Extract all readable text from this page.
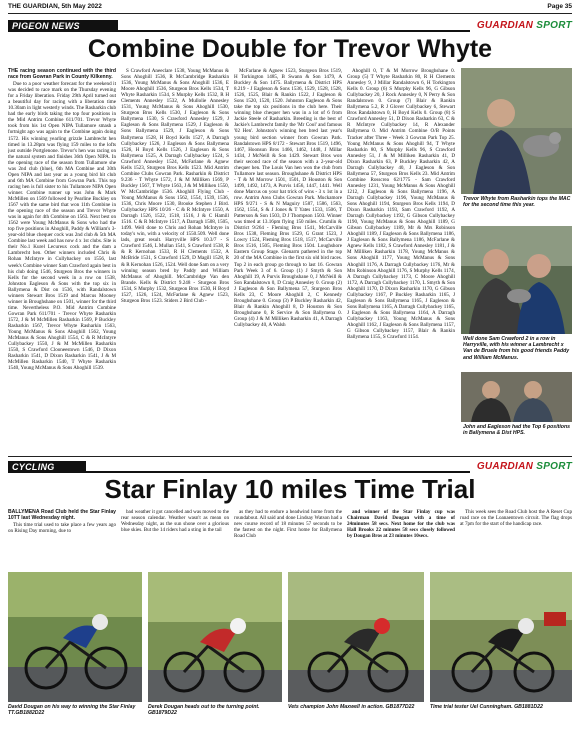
THE GUARDIAN, 5th May 2022	Page 35
PIGEON NEWS	GUARDIAN SPORT
Combine Double for Trevor Whyte

THE racing season continued with the third race from Gowran Park in County Kilkenny.

Due to a poor weather forecast for the weekend it was decided to race mark on the Thursday evening for a Friday liberation. Friday 29th April turned out a beautiful day for racing with a liberation time 10.30am in light westerly winds. The Rasharkin club had the early birds taking the top four positions in the Mid Antrim Combine 611/701. Trevor Whyte took from his 1st Open NIPA Tullamore smash a fortnight ago was again to the Combine again doing 1572. His winning yearling grizzle Lambrecht hen timed in 13.28pm was flying 159 miles to the lofts just outside Portglenone. Trevor's hen was racing on the natural system and finishes 36th Open NIPA. In the opening race of the season from Tullamore she was 2nd club (blue), 6th MA Combine and 30th Open NIPA and last year as a young bird hit club and 6th MA Combine from Gowran Park. This top racing hen is full sister to his Tullamore NIPA Open winner. Combine runner up was John & Mark McMillen on 1569 followed by Pearline Buckley on 1567 with the same bird that won 11th Combine in the opening race of the season and Trevor Whyte was in again for 4th Combine on 1563. Next best on 1562 were Young McManus & Sons who had the top five positions in Ahoghill, Paddy & William's 3-year-old blue chequer cock was 2nd club & 5th MA Combine last week and has now 4 x 1st clubs. Site is their No.1 Kurel Lecureux cock and the dam a Lambrecht hen. Other winners included Chris & Rohan McIntyre in Cullybackey on 1556, last week's Combine winner Sam Crawford again best in his club doing 1546, Sturgeon Bros the winners in Kells for the second week in a row on 1538, Johnston Eagleson & Sons with the top six in Ballymena & Dist on 1536, with Randalstown winners Stewart Bros 1519 and Marcus Mooney winner in Broughshane on 1501, winner for the third time. Nevertheless P.O. Mid Antrim Combine Gowran Park 611/701 - Trevor Whyte Rasharkin 1572, J & M McMillen Rasharkin 1569, P Buckley Rasharkin 1567, Trevor Whyte Rasharkin 1563, Young McManus & Sons Ahoghill 1562, Young McManus & Sons Ahoghill 1554, C & R McIntyre Cullybackey 1550, J & M McMillen Rasharkin 1550, S Crawford Clooneestown 1546, D Dixon Rasharkin 1541, D Dixon Rasharkin 1541, J & M McMillen Rasharkin 1540, T Whyte Rasharkin 1540, Young McManus & Sons Ahoghill 1539.

S Crawford Aneeclare 1538, Young McManus & Sons Ahoghill 1536, R McCambridge Rasharkin 1536, Young McManus & Sons Ahoghill 1536, E Moore Ahoghill 1536, Sturgeon Bros Kells 1534, T Whyte Rasharkin 1534, S Murphy Kells 1532, R H Clements Annesley 1532, A Mullolie Annesley 1531, Young McManus & Sons Ahoghill 1530, Sturgeon Bros Kells 1530, J Eagleson & Sons Ballymena 1530, S Crawford Annesley 1529, J Eagleson & Sons Ballymena 1529, J Eagleson & Sons Ballymena 1529, J Eagleson & Sons Ballymena 1528, H Boyd Kells 1527, A Darragh Cullybackey 1526, J Eagleson & Sons Ballymena 1526, H Boyd Kells 1526, J Eagleson & Sons Ballymena 1525, A Darragh Cullybackey 1524, S Crawford Annesley 1524, McFarlane & Agnew Kells 1523, Sturgeon Bros Kells 1523. Mid Antrim Combine Clubs Gowran Park. Rasharkin & District 9.236 - T Whyte 1572, J & M Milliken 1569, P Buckley 1567, T Whyte 1563, J & M Milliken 1550, W McCambridge 1536. Ahoghill Flying Club - Young McManus & Sons 1562, 1554, 1539, 1536, 1536, Chris Moore 1530, Brooke Stephen J Bird. Cullybackey HPS 10/26 - C & R McIntyre 1550, A Darragh 1526, 1522, 1518, 1516, J & C Hamill 1516. C & R McIntyre 1517, A Darragh 1508, 1505, 1499. Well done to Chris and Rohan McIntyre in today's win, with a velocity of 1550.509. Well done lads, great result. Harryville HPS 10.3/7 - S Crawford 1546, L Mullan 1541, S Crawford 1538, R & R Kernohan 1533, R H Clements 1532, A McBride 1531, S Crawford 1529, D Magill 1528, R & R Kernohan 1526, 1524. Well done Sam on a very winning season bred by Paddy and William McManus of Ahoghill. McCambridge Van den Brande. Kells & District 9.248 - Sturgeon Bros 1534, S Murphy 1532, Sturgeon Bros 1530, H Boyd 1527, 1526, 1524, McFarlane & Agnew 1523, Sturgeon Bros 1523. Stiders 2 Bird Club -

McFarlane & Agnew 1523, Sturgeon Bros 1519, H Torkington 1485, B Swann & Son 1479, A Buckley & Son 1475. Ballymena & District HPS 8.219 - J Eagleson & Sons 1536, 1529, 1528, 1528, 1526, 1525, Blair & Rankin 1522, J Eagleson & Sons 1520, 1520, 1520. Johnston Eagleson & Sons take the top six positions in the club here. Their winning blue chequer hen was in a lot of 6 from Jackie Steele of Rasharkin. Breeding is the best of Jackie's Lambrecht family the 'Mr Cool' and famous '02 Hen'. Johnston's winning hen bred last year's young bird section winner from Gowran Park. Randalstown HPS 8/172 - Stewart Bros 1519, 1496, 1467, Hoonsun Bros 1466, 1462, 1448, J Millar 1434, J McNeill & Son 1429. Stewart Bros won their second race of the season with a 2-year-old chequer hen. The Louis Van hen won the club from Tullamore last season. Broughshane & District HPS - T & M Morrow 1501, 1501, D Houston & Son 1499, 1492, 1473, A Purvis 1456, 1447, 1441. Well done Marcus on your hat trick of wins - 3 x 1st in a row. Antrim Area Clubs Gowran Park. Muckamore HPS 9/271 - S & N Maguiry 1587, 1586, 1563, 1562, 1554, S & J Jones & T Yates 1533, 1506, T Patterson & Son 1503, D J Thompson 1503. Winner was timed at 13.16pm flying 150 miles. Crumlin & District 9/264 - Fleming Bros 1541, McCarville Bros 1538, Fleming Bros 1529, G Grant 1523, J Lowry 1524, Fleming Bros 1518, 1517, McCarville Bros 1516, 1505, Fleming Bros 1504. Loughshore Eastern Group Stage. Glenarm pathered in the top 20 of the MA Combine in the first six old bird races. Top 2 in each group go through to last 16. Gowran Park Week 3 of 6. Group (1) J Smyth & Son Ahoghill 19, A Purvis Broughshane 0, J McNeill & Son Randalstown 0, D Craig Annesley 0. Group (2) J Eagleson & Son Ballymena 57, Sturgeon Bros Kells 23, C Moore Ahoghill 2, C Kennedy Broughshane 0. Group (3) P Buckley Rasharkin 42, Blair & Rankin Ahoghill 8, D Houston & Son Broughshane 0, R Service & Son Ballymena 0. Group (4) J & M Milliken Rasharkin 41, A Darragh Cullybackey 40, A Walsh

Ahoghill 0, T & M Morrow Broughshane 0. Group (5) T Whyte Rasharkin 80, R H Clements Annesley 9, J Millar Randalstown 6, H Torkington Kells 0. Group (6) S Murphy Kells 96, G Gibson Cullybackey 20, J Rock Annesley 0, N Perry & Son Randalstown 0. Group (7) Blair & Rankin Ballymena 5.2, R J Glover Cullybackey 6, Stewart Bros Randalstown 0, H Boyd Kells 0. Group (8) S Crawford Annesley 51, D Dixon Rasharkin 63, C & R McIntyre Cullybackey 14, R Alexander Ballymena 0. Mid Antrim Combine O/B Points Tracker after Three - Week 3 Gowran Park Top 25. Young McManus & Sons Ahoghill 94, T Whyte Rasharkin 80, S Murphy Kells 96, S Crawford Annesley 51, J & M Milliken Rasharkin 41, D Dixon Rasharkin 63, P Buckley Rasharkin 42, A Darragh Cullybackey 40, J Eagleson & Son Ballymena 57, Sturgeon Bros Kells 23. Mid Antrim Combine Rosscrea 62/1775 - Sam Crawford Annesley 1231, Young McManus & Sons Ahoghill 1212, J Eagleson & Sons Ballymena 1196, A Darragh Cullybackey 1196, Young McManus & Sons Ahoghill 1194, Sturgeon Bros Kells 1194, D Dixon Rasharkin 1193, Sam Crawford 1192, A Darragh Cullybackey 1192, G Gibson Cullybackey 1190, Young McManus & Sons Ahoghill 1189, G Gibson Cullybackey 1189, Mr & Mrs Robinson Ahoghill 1189, J Eagleson & Sons Ballymena 1186, J Eagleson & Sons Ballymena 1186, McFarlane & Agnew Kells 1182, S Crawford Annesley 1181, J & M Milliken Rasharkin 1178, Young McManus & Sons Ahoghill 1177, Young McManus & Sons Ahoghill 1176, A Darragh Cullybackey 1176, Mr & Mrs Robinson Ahoghill 1176, S Murphy Kells 1174, A Darragh Cullybackey 1173, C Moore Ahoghill 1172, A Darragh Cullybackey 1170, L Smyth & Son Ahoghill 1170, D Dixon Rasharkin 1170, G Gibson Cullybackey 1167, P Buckley Rasharkin 1165, J Eagleson & Sons Ballymena 1165, J Eagleson & Sons Ballymena 1165, A Darragh Cullybackey 1165, J Eagleson & Sons Ballymena 1164, A Darragh Cullybackey 1163, Young McManus & Sons Ahoghill 1162, J Eagleson & Sons Ballymena 1157, G Gibson Cullybackey 1157, Blair & Rankin Ballymena 1155, S Crawford 1154.

Trevor Whyte from Rasharkin tops the MAC for the second time this year.
Well done Sam Crawford 2 in a row in Harryville, with his winner a Lambrecht x Van de Bruele from his good friends Paddy and William McManus.
John and Eagleson had the Top 6 positions in Ballymena & Dist HPS.
CYCLING	GUARDIAN SPORT
Star Finlay 10 miles Time Trial

BALLYMENA Road Club held the Star Finlay 10TT last Wednesday night.

This time trial used to take place a few years ago on Rising Day morning, due to

bad weather it got cancelled and was moved to the rear season calendar. Weather wasn't as mean on Wednesday night, as the sun shone over a glorious blue skies. But the 14 riders had a sting in the tail

as they had to endure a headwind home from the roundabout. All said and done Lindsay Watson had a new course record of 18 minutes 57 seconds to be the fastest on the night. First home for Ballymena Road Club

and winner of the Star Finlay cup was Chairman David Dougan with a time of 24minutes 58 secs. Next home for the club was Hall Brooks 22 minutes 58 secs closely followed by Dougan Bros at 23 minutes 10secs.

This week sees the Road Club host the A Reset Cup road race on the Loanaentown circuit. The flag drops at 7pm for the start of the handicap race.

David Dougan on his way to winning the Star Finlay TT.GB1882D22
Derek Dougan heads out to the turning point. GB1879D22
Vets champion John Maxwell in action. GB1877D22	Time trial tester Uel Cunningham. GB1881D22
